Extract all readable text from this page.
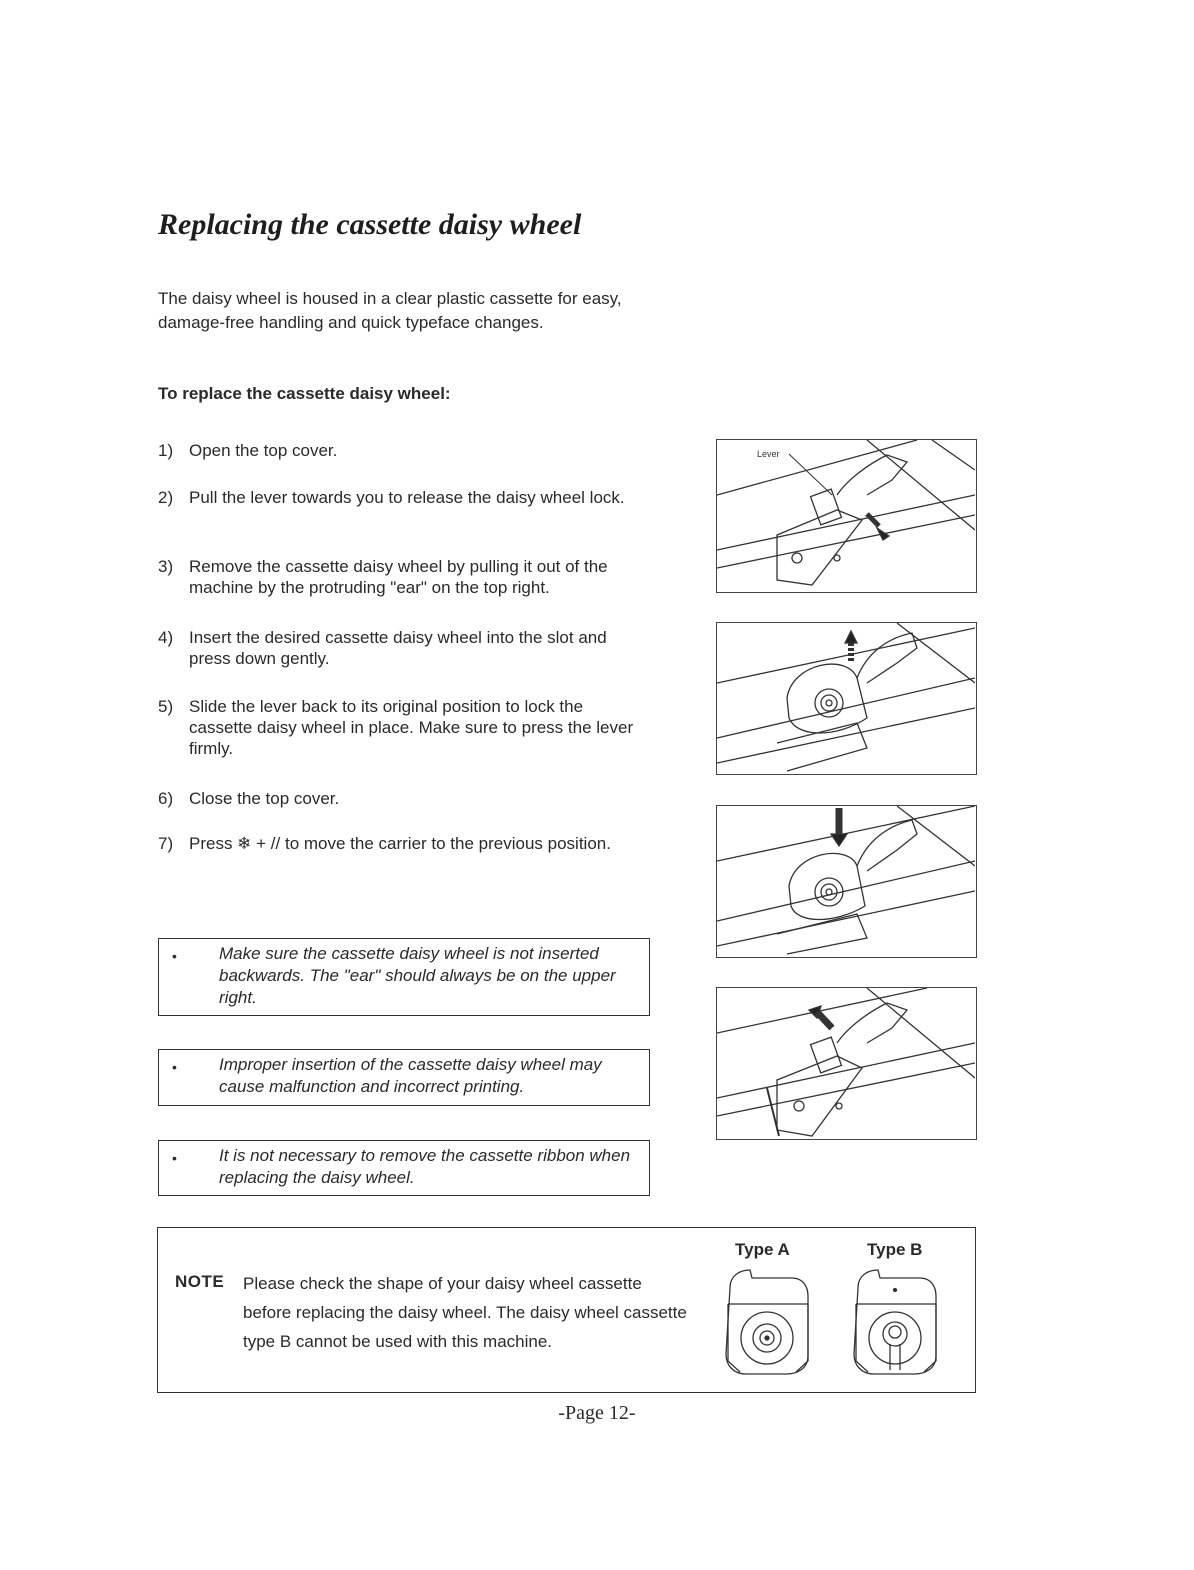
Replacing the cassette daisy wheel

The daisy wheel is housed in a clear plastic cassette for easy, damage-free handling and quick typeface changes.

To replace the cassette daisy wheel:

1) Open the top cover.
2) Pull the lever towards you to release the daisy wheel lock.
3) Remove the cassette daisy wheel by pulling it out of the machine by the protruding "ear" on the top right.
4) Insert the desired cassette daisy wheel into the slot and press down gently.
5) Slide the lever back to its original position to lock the cassette daisy wheel in place. Make sure to press the lever firmly.
6) Close the top cover.
7) Press ❄ + // to move the carrier to the previous position.
• Make sure the cassette daisy wheel is not inserted backwards. The "ear" should always be on the upper right.
• Improper insertion of the cassette daisy wheel may cause malfunction and incorrect printing.
• It is not necessary to remove the cassette ribbon when replacing the daisy wheel.
Lever
NOTE Please check the shape of your daisy wheel cassette before replacing the daisy wheel. The daisy wheel cassette type B cannot be used with this machine.
Type A	Type B
-Page 12-
